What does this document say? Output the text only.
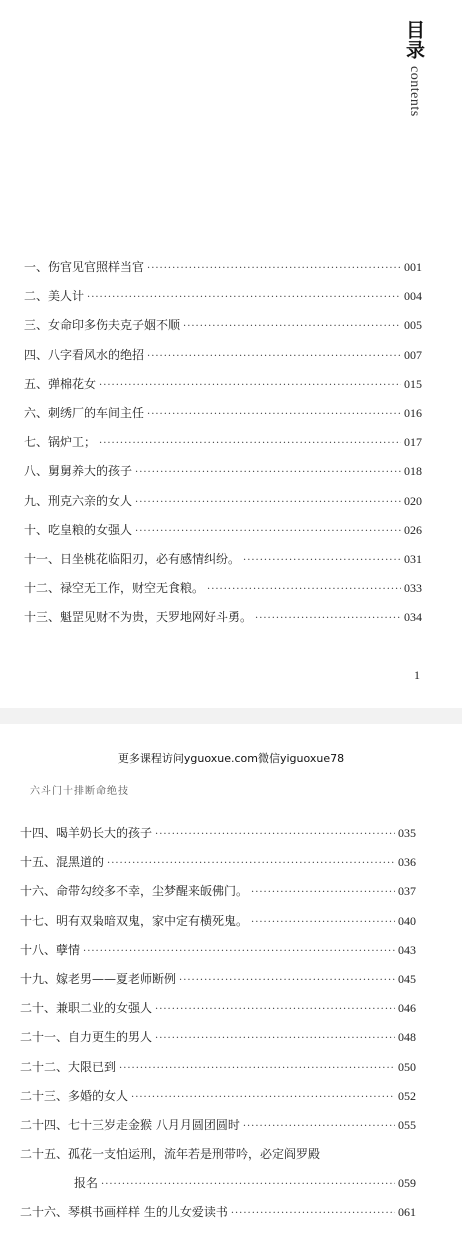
目录
contents
一、伤官见官照样当官 ·····	001
二、美人计 ·····	004
三、女命印多伤夫克子姻不顺 ·····	005
四、八字看风水的绝招 ·····	007
五、弹棉花女 ·····	015
六、刺绣厂的车间主任 ·····	016
七、锅炉工； ·····	017
八、舅舅养大的孩子 ·····	018
九、刑克六亲的女人 ·····	020
十、吃皇粮的女强人 ·····	026
十一、日坐桃花临阳刃，必有感情纠纷。 ·····	031
十二、禄空无工作，财空无食粮。 ·····	033
十三、魁罡见财不为贵，天罗地网好斗勇。 ·····	034
1
更多课程访问yguoxue.com微信yiguoxue78
六斗门十排断命绝技
十四、喝羊奶长大的孩子 ·····	035
十五、混黑道的 ·····	036
十六、命带勾绞多不幸，尘梦醒来皈佛门。 ·····	037
十七、明有双枭暗双鬼，家中定有横死鬼。 ·····	040
十八、孽情 ·····	043
十九、嫁老男——夏老师断例 ·····	045
二十、兼职二业的女强人 ·····	046
二十一、自力更生的男人 ·····	048
二十二、大限已到 ·····	050
二十三、多婚的女人 ·····	052
二十四、七十三岁走金猴 八月月圆团圆时 ·····	055
二十五、孤花一支怕运刑，流年若是刑带吟，必定阎罗殿
报名 ·····	059
二十六、琴棋书画样样 生的儿女爱读书 ·····	061
